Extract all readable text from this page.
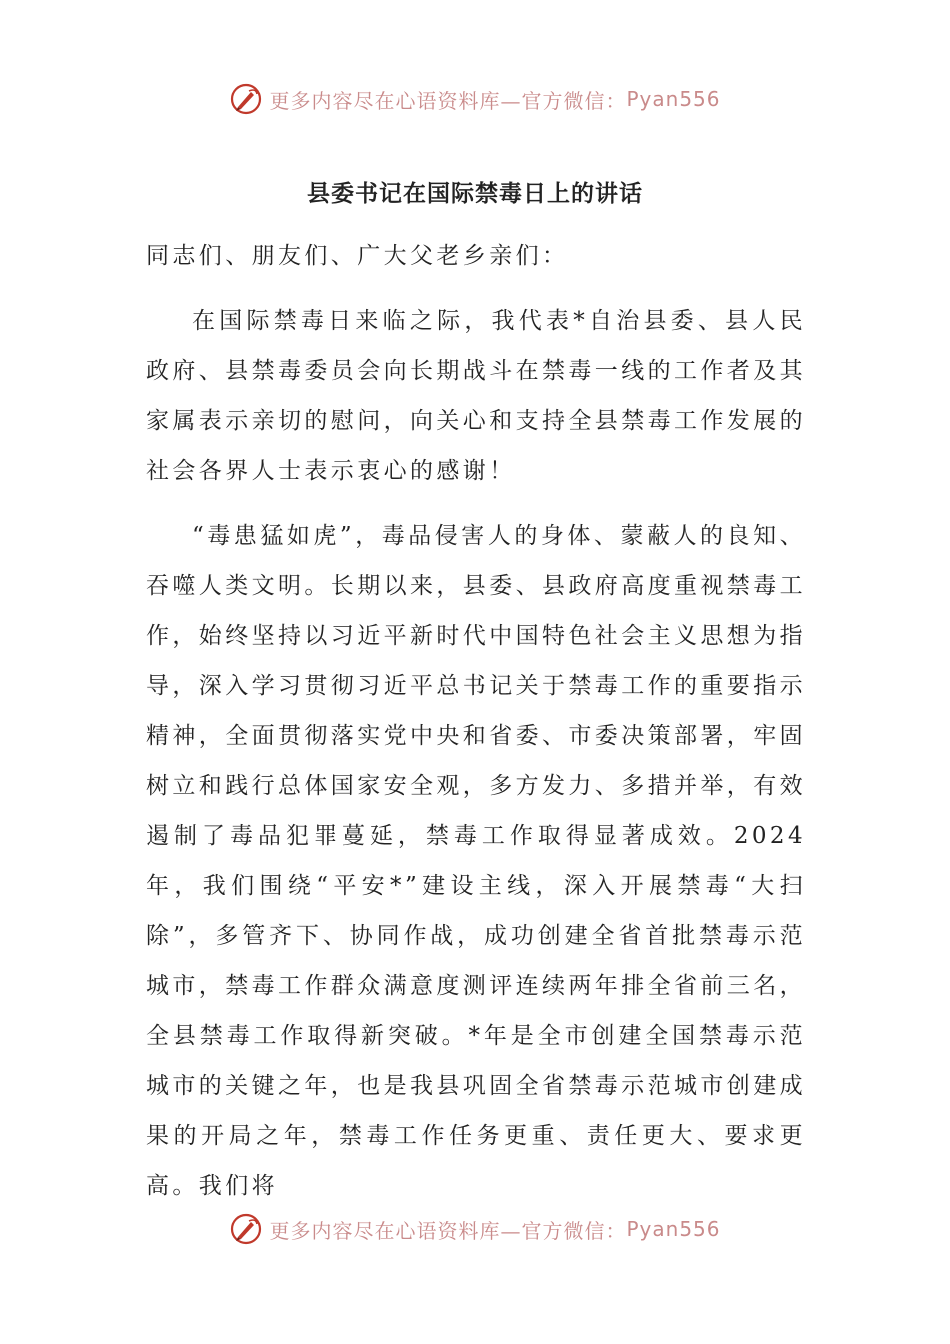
更多内容尽在心语资料库—官方微信： Pyan556
县委书记在国际禁毒日上的讲话

同志们、朋友们、广大父老乡亲们：

在国际禁毒日来临之际，我代表*自治县委、县人民政府、县禁毒委员会向长期战斗在禁毒一线的工作者及其家属表示亲切的慰问，向关心和支持全县禁毒工作发展的社会各界人士表示衷心的感谢！

“毒患猛如虎”，毒品侵害人的身体、蒙蔽人的良知、吞噬人类文明。长期以来，县委、县政府高度重视禁毒工作，始终坚持以习近平新时代中国特色社会主义思想为指导，深入学习贯彻习近平总书记关于禁毒工作的重要指示精神，全面贯彻落实党中央和省委、市委决策部署，牢固树立和践行总体国家安全观，多方发力、多措并举，有效遏制了毒品犯罪蔓延，禁毒工作取得显著成效。2024年，我们围绕“平安*”建设主线，深入开展禁毒“大扫除”，多管齐下、协同作战，成功创建全省首批禁毒示范城市，禁毒工作群众满意度测评连续两年排全省前三名，全县禁毒工作取得新突破。*年是全市创建全国禁毒示范城市的关键之年，也是我县巩固全省禁毒示范城市创建成果的开局之年，禁毒工作任务更重、责任更大、要求更高。我们将

更多内容尽在心语资料库—官方微信： Pyan556
